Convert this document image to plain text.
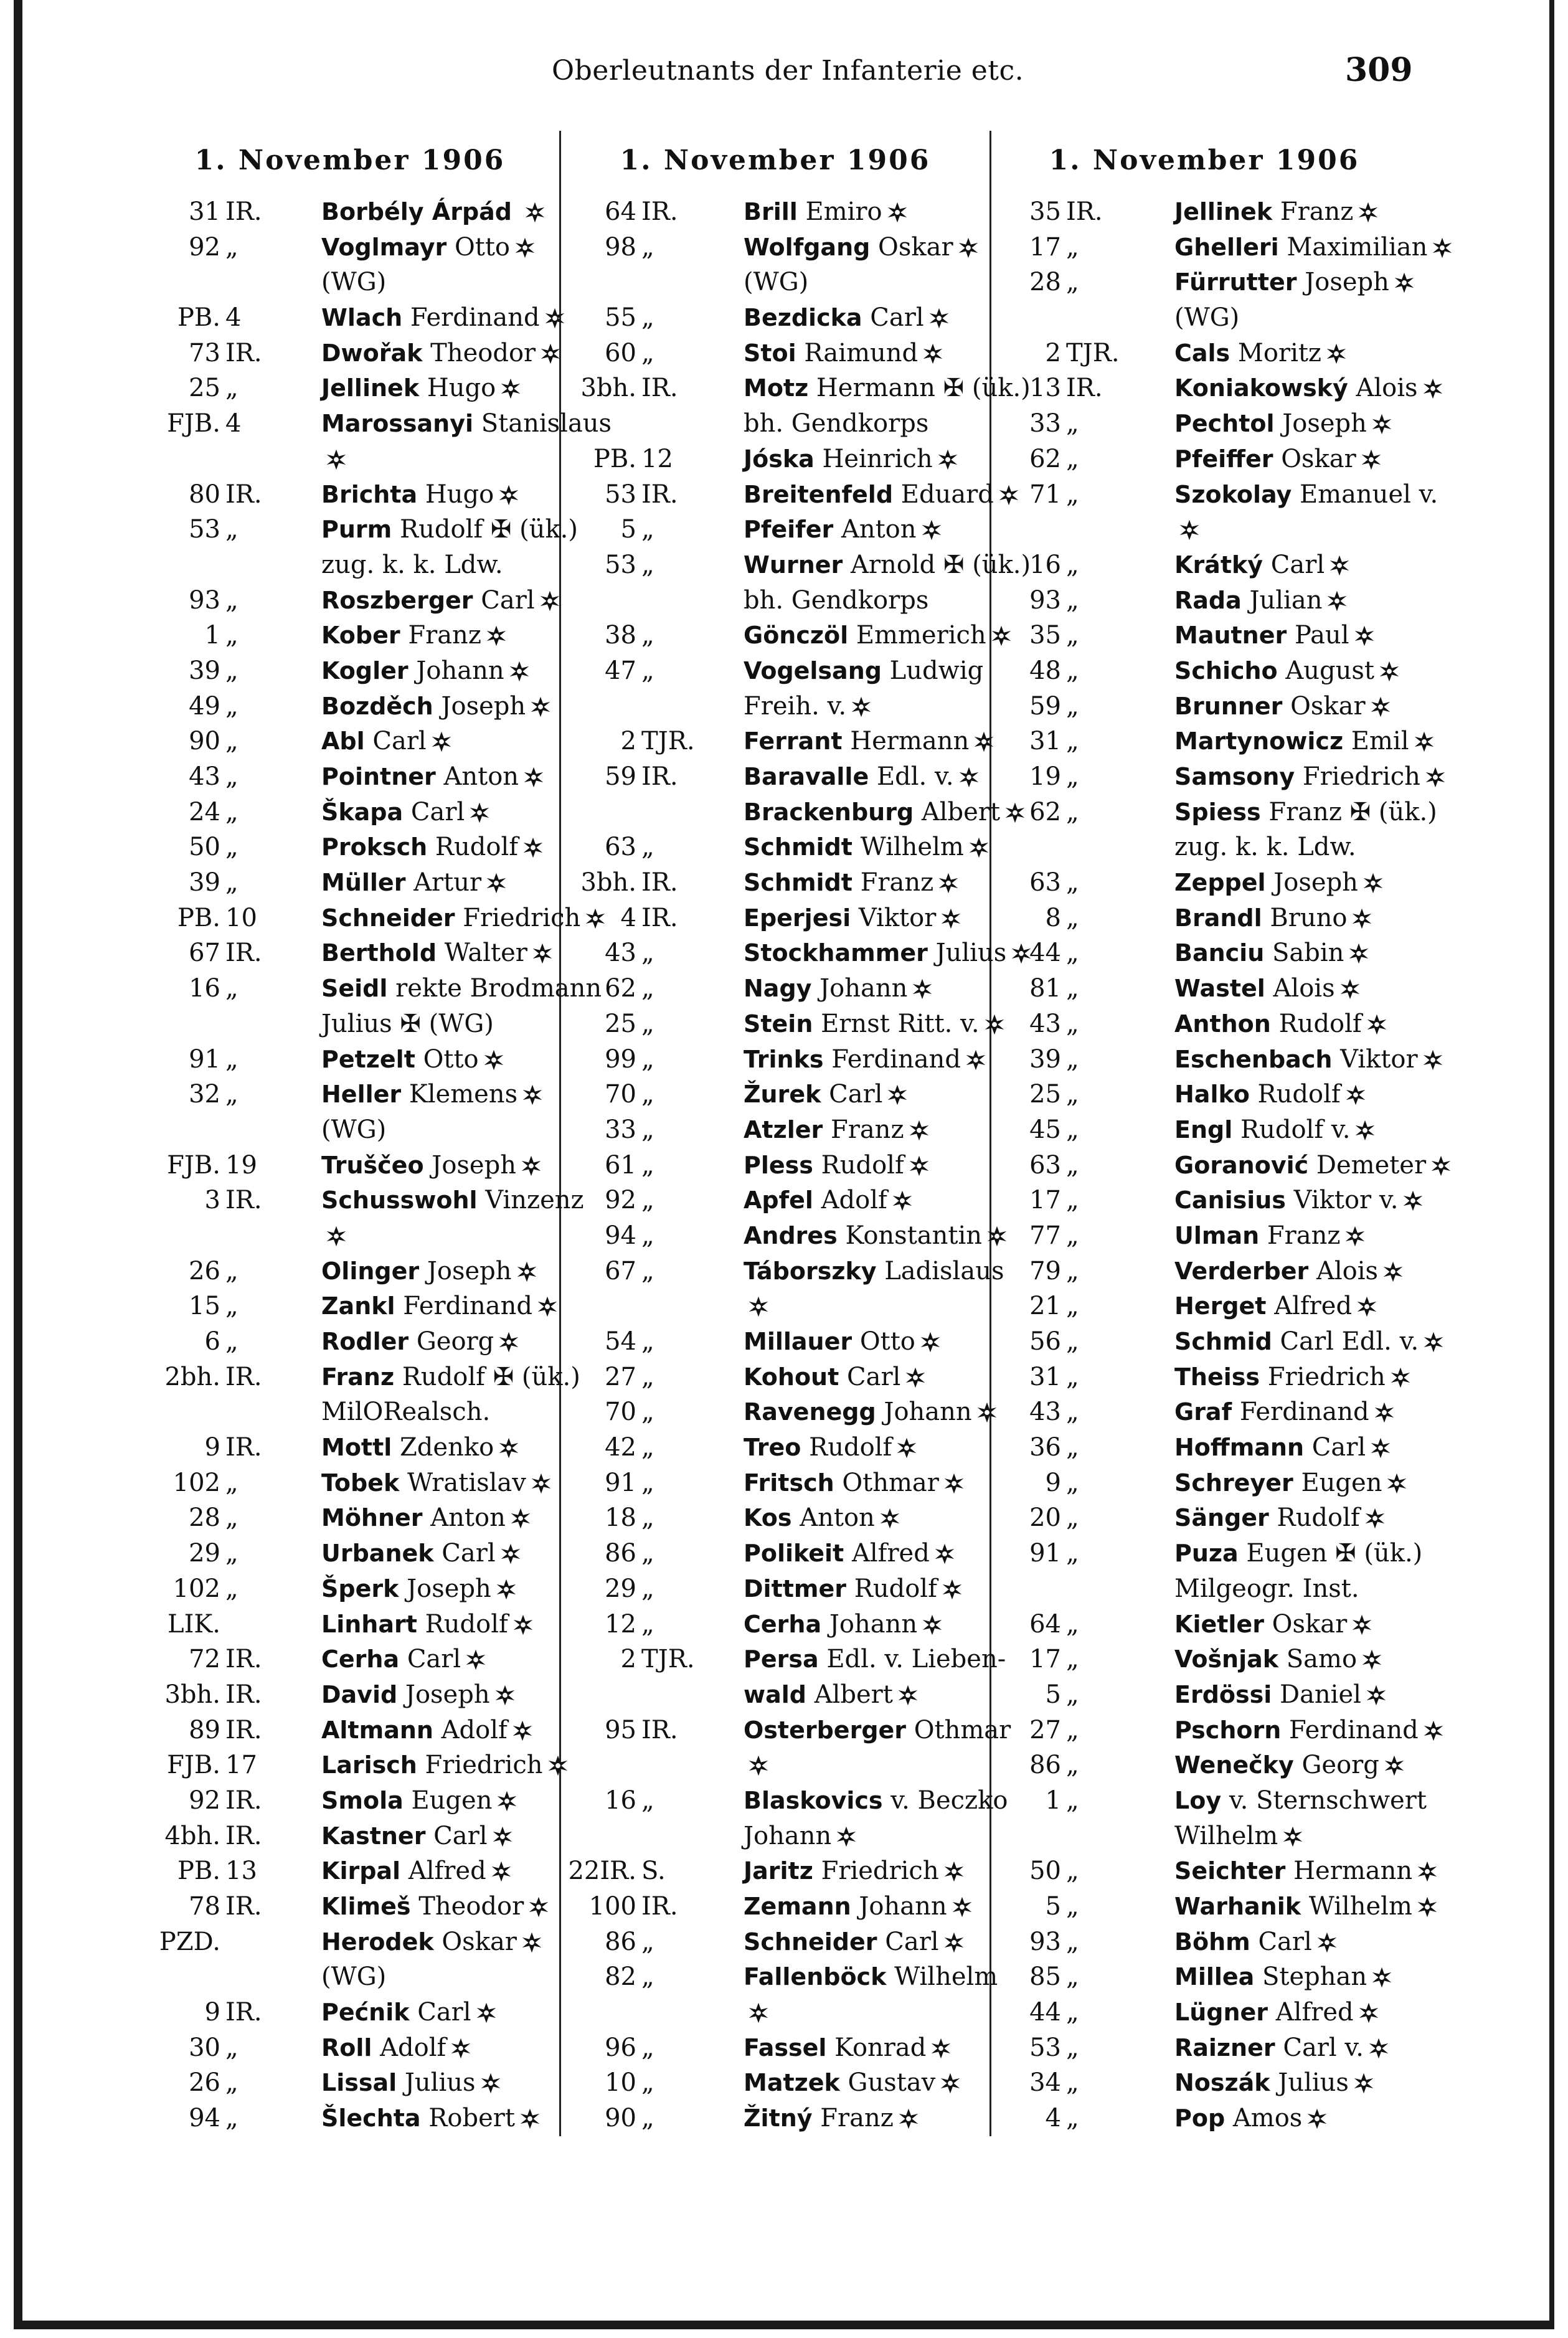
Oberleutnants der Infanterie etc.	309
1. November 1906
31 IR.	Borbély Árpád
92 „	Voglmayr Otto
(WG)
PB. 4	Wlach Ferdinand
73 IR.	Dwořak Theodor
25 „	Jellinek Hugo
FJB. 4	Marossanyi Stanislaus
80 IR.	Brichta Hugo
53 „	Purm Rudolf ✠ (ük.)
zug. k. k. Ldw.
93 „	Roszberger Carl
1 „	Kober Franz
39 „	Kogler Johann
49 „	Bozděch Joseph
90 „	Abl Carl
43 „	Pointner Anton
24 „	Škapa Carl
50 „	Proksch Rudolf
39 „	Müller Artur
PB. 10	Schneider Friedrich
67 IR.	Berthold Walter
16 „	Seidl rekte Brodmann
Julius ✠ (WG)
91 „	Petzelt Otto
32 „	Heller Klemens
(WG)
FJB. 19	Truščeo Joseph
3 IR.	Schusswohl Vinzenz
26 „	Olinger Joseph
15 „	Zankl Ferdinand
6 „	Rodler Georg
2bh. IR.	Franz Rudolf ✠ (ük.)
MilORealsch.
9 IR.	Mottl Zdenko
102 „	Tobek Wratislav
28 „	Möhner Anton
29 „	Urbanek Carl
102 „	Šperk Joseph
LIK.	Linhart Rudolf
72 IR.	Cerha Carl
3bh. IR.	David Joseph
89 IR.	Altmann Adolf
FJB. 17	Larisch Friedrich
92 IR.	Smola Eugen
4bh. IR.	Kastner Carl
PB. 13	Kirpal Alfred
78 IR.	Klimeš Theodor
PZD.	Herodek Oskar
(WG)
9 IR.	Pećnik Carl
30 „	Roll Adolf
26 „	Lissal Julius
94 „	Šlechta Robert
1. November 1906
64 IR.	Brill Emiro
98 „	Wolfgang Oskar
(WG)
55 „	Bezdicka Carl
60 „	Stoi Raimund
3bh. IR.	Motz Hermann ✠ (ük.)
bh. Gendkorps
PB. 12	Jóska Heinrich
53 IR.	Breitenfeld Eduard
5 „	Pfeifer Anton
53 „	Wurner Arnold ✠ (ük.)
bh. Gendkorps
38 „	Gönczöl Emmerich
47 „	Vogelsang Ludwig
Freih. v.
2 TJR.	Ferrant Hermann
59 IR.	Baravalle Edl. v.
Brackenburg Albert
63 „	Schmidt Wilhelm
3bh. IR.	Schmidt Franz
4 IR.	Eperjesi Viktor
43 „	Stockhammer Julius
62 „	Nagy Johann
25 „	Stein Ernst Ritt. v.
99 „	Trinks Ferdinand
70 „	Žurek Carl
33 „	Atzler Franz
61 „	Pless Rudolf
92 „	Apfel Adolf
94 „	Andres Konstantin
67 „	Táborszky Ladislaus
54 „	Millauer Otto
27 „	Kohout Carl
70 „	Ravenegg Johann
42 „	Treo Rudolf
91 „	Fritsch Othmar
18 „	Kos Anton
86 „	Polikeit Alfred
29 „	Dittmer Rudolf
12 „	Cerha Johann
2 TJR.	Persa Edl. v. Lieben-
wald Albert
95 IR.	Osterberger Othmar
16 „	Blaskovics v. Beczko
Johann
22IR. S.	Jaritz Friedrich
100 IR.	Zemann Johann
86 „	Schneider Carl
82 „	Fallenböck Wilhelm
96 „	Fassel Konrad
10 „	Matzek Gustav
90 „	Žitný Franz
1. November 1906
35 IR.	Jellinek Franz
17 „	Ghelleri Maximilian
28 „	Fürrutter Joseph
(WG)
2 TJR.	Cals Moritz
13 IR.	Koniakowský Alois
33 „	Pechtol Joseph
62 „	Pfeiffer Oskar
71 „	Szokolay Emanuel v.
16 „	Krátký Carl
93 „	Rada Julian
35 „	Mautner Paul
48 „	Schicho August
59 „	Brunner Oskar
31 „	Martynowicz Emil
19 „	Samsony Friedrich
62 „	Spiess Franz ✠ (ük.)
zug. k. k. Ldw.
63 „	Zeppel Joseph
8 „	Brandl Bruno
44 „	Banciu Sabin
81 „	Wastel Alois
43 „	Anthon Rudolf
39 „	Eschenbach Viktor
25 „	Halko Rudolf
45 „	Engl Rudolf v.
63 „	Goranović Demeter
17 „	Canisius Viktor v.
77 „	Ulman Franz
79 „	Verderber Alois
21 „	Herget Alfred
56 „	Schmid Carl Edl. v.
31 „	Theiss Friedrich
43 „	Graf Ferdinand
36 „	Hoffmann Carl
9 „	Schreyer Eugen
20 „	Sänger Rudolf
91 „	Puza Eugen ✠ (ük.)
Milgeogr. Inst.
64 „	Kietler Oskar
17 „	Vošnjak Samo
5 „	Erdössi Daniel
27 „	Pschorn Ferdinand
86 „	Wenečky Georg
1 „	Loy v. Sternschwert
Wilhelm
50 „	Seichter Hermann
5 „	Warhanik Wilhelm
93 „	Böhm Carl
85 „	Millea Stephan
44 „	Lügner Alfred
53 „	Raizner Carl v.
34 „	Noszák Julius
4 „	Pop Amos
